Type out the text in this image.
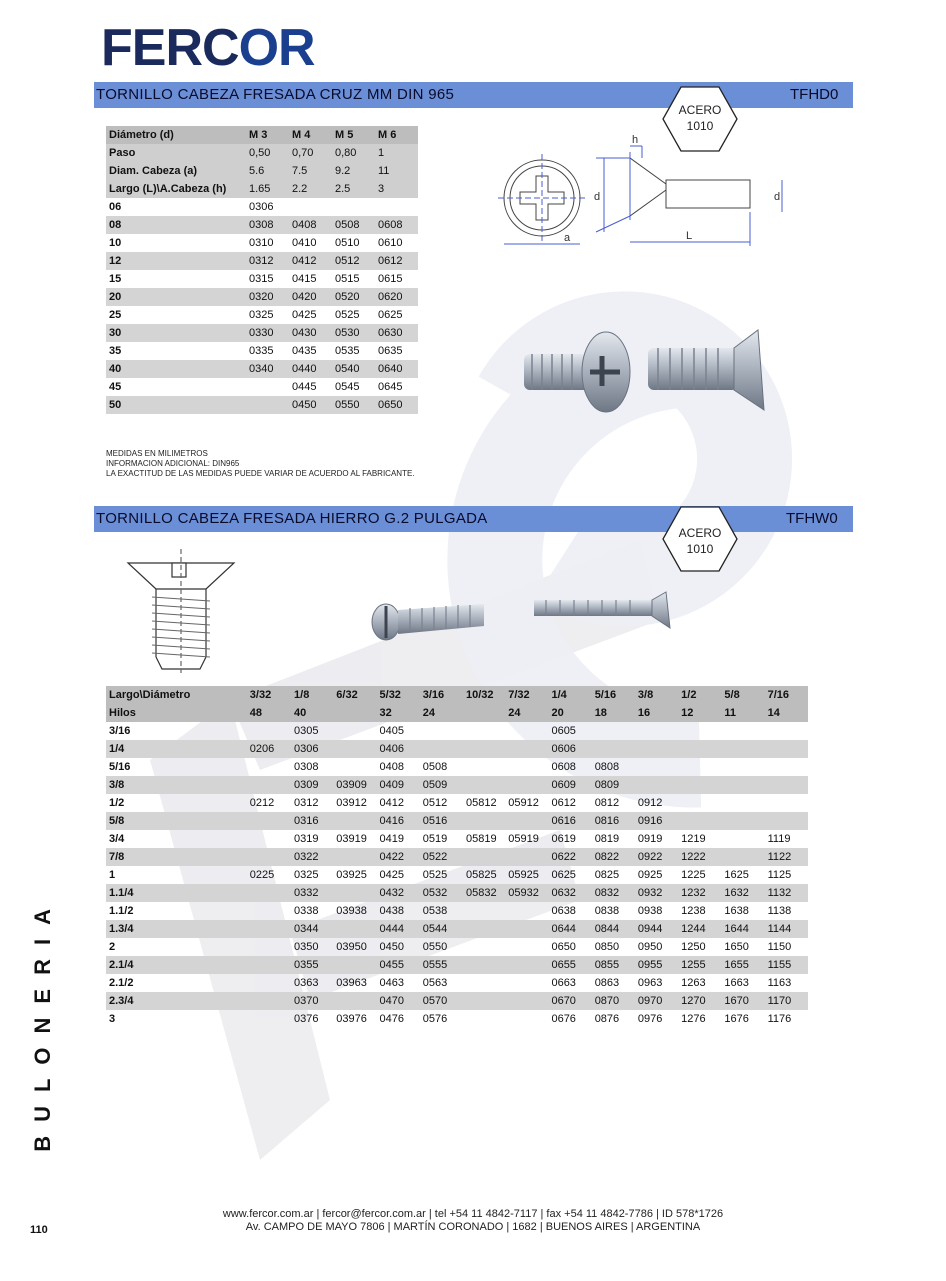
FERCOR
TORNILLO CABEZA FRESADA CRUZ MM DIN 965	TFHD0
ACERO
1010
Diámetro (d)	M 3	M 4	M 5	M 6
Paso	0,50	0,70	0,80	1
Diam. Cabeza (a)	5.6	7.5	9.2	11
Largo (L)\A.Cabeza (h)	1.65	2.2	2.5	3
06	0306			
08	0308	0408	0508	0608
10	0310	0410	0510	0610
12	0312	0412	0512	0612
15	0315	0415	0515	0615
20	0320	0420	0520	0620
25	0325	0425	0525	0625
30	0330	0430	0530	0630
35	0335	0435	0535	0635
40	0340	0440	0540	0640
45		0445	0545	0645
50		0450	0550	0650
h
a
d	d
L
MEDIDAS EN MILIMETROS
INFORMACION ADICIONAL: DIN965
LA EXACTITUD DE LAS MEDIDAS PUEDE VARIAR DE ACUERDO AL FABRICANTE.
TORNILLO CABEZA FRESADA HIERRO G.2 PULGADA	TFHW0
ACERO
1010
Largo\Diámetro	3/32	1/8	6/32	5/32	3/16	10/32	7/32	1/4	5/16	3/8	1/2	5/8	7/16
Hilos	48	40		32	24		24	20	18	16	12	11	14
3/16		0305		0405				0605					
1/4	0206	0306		0406				0606					
5/16		0308		0408	0508			0608	0808				
3/8		0309	03909	0409	0509			0609	0809				
1/2	0212	0312	03912	0412	0512	05812	05912	0612	0812	0912			
5/8		0316		0416	0516			0616	0816	0916			
3/4		0319	03919	0419	0519	05819	05919	0619	0819	0919	1219		1119
7/8		0322		0422	0522			0622	0822	0922	1222		1122
1	0225	0325	03925	0425	0525	05825	05925	0625	0825	0925	1225	1625	1125
1.1/4		0332		0432	0532	05832	05932	0632	0832	0932	1232	1632	1132
1.1/2		0338	03938	0438	0538			0638	0838	0938	1238	1638	1138
1.3/4		0344		0444	0544			0644	0844	0944	1244	1644	1144
2		0350	03950	0450	0550			0650	0850	0950	1250	1650	1150
2.1/4		0355		0455	0555			0655	0855	0955	1255	1655	1155
2.1/2		0363	03963	0463	0563			0663	0863	0963	1263	1663	1163
2.3/4		0370		0470	0570			0670	0870	0970	1270	1670	1170
3		0376	03976	0476	0576			0676	0876	0976	1276	1676	1176
BULONERIA
www.fercor.com.ar | fercor@fercor.com.ar | tel +54 11 4842-7117 | fax +54 11 4842-7786 | ID 578*1726
Av. CAMPO DE MAYO 7806 | MARTÍN CORONADO | 1682 | BUENOS AIRES | ARGENTINA
110
